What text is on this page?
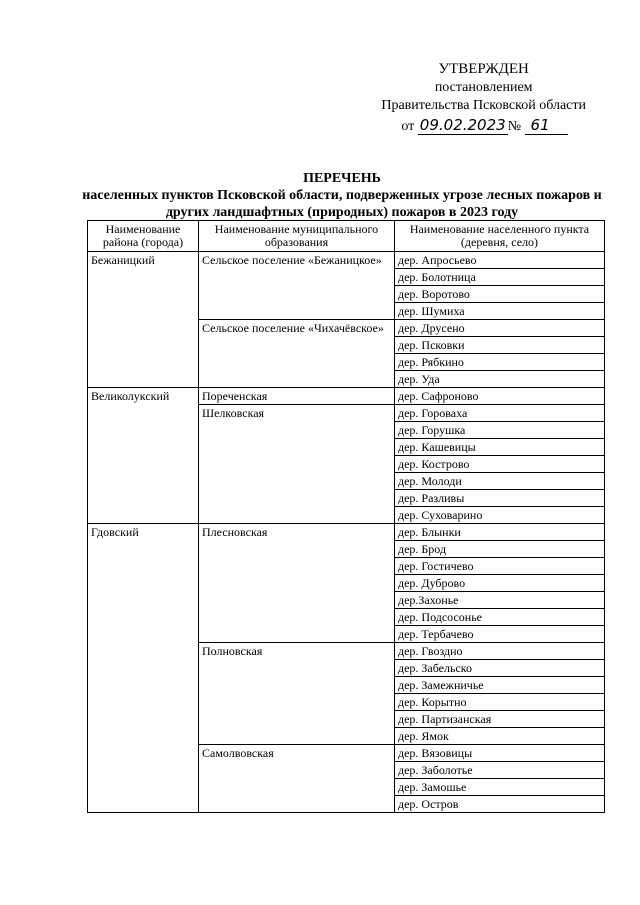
УТВЕРЖДЕН
постановлением
Правительства Псковской области
от 09.02.2023 № 61
ПЕРЕЧЕНЬ
населенных пунктов Псковской области, подверженных угрозе лесных пожаров и других ландшафтных (природных) пожаров в 2023 году
Наименование района (города)	Наименование муниципального образования	Наименование населенного пункта (деревня, село)
Бежаницкий	Сельское поселение «Бежаницкое»	дер. Апросьево
		дер. Болотница
		дер. Воротово
		дер. Шумиха
	Сельское поселение «Чихачёвское»	дер. Друсено
		дер. Псковки
		дер. Рябкино
		дер. Уда
Великолукский	Пореченская	дер. Сафроново
	Шелковская	дер. Гороваха
		дер. Горушка
		дер. Кашевицы
		дер. Кострово
		дер. Молоди
		дер. Разливы
		дер. Суховарино
Гдовский	Плесновская	дер. Блынки
		дер. Брод
		дер. Гостичево
		дер. Дуброво
		дер.Захонье
		дер. Подсосонье
		дер. Тербачево
	Полновская	дер. Гвоздно
		дер. Забельско
		дер. Замежничье
		дер. Корытно
		дер. Партизанская
		дер. Ямок
	Самолвовская	дер. Вязовицы
		дер. Заболотье
		дер. Замошье
		дер. Остров
